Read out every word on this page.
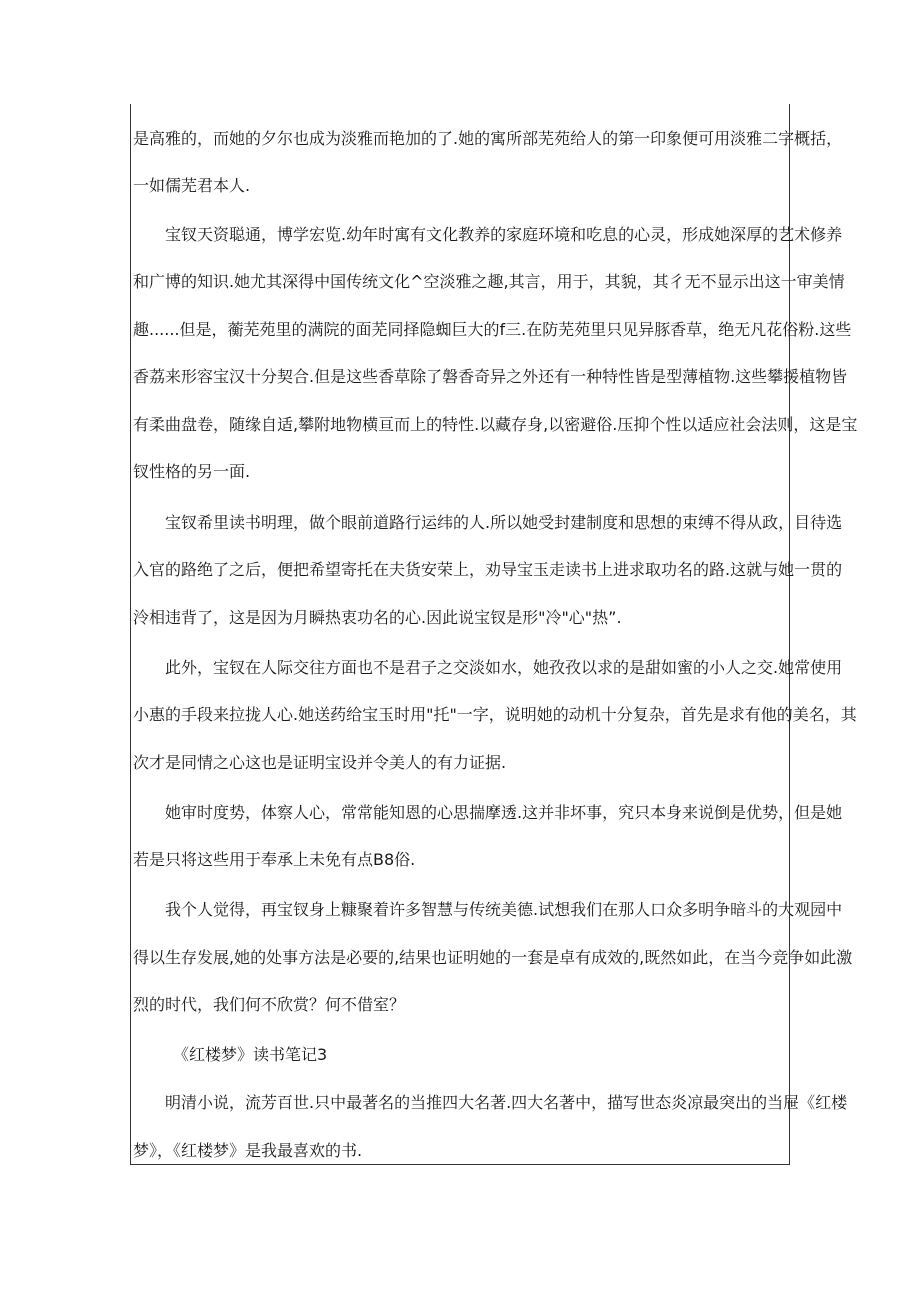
是高雅的，而她的夕尔也成为淡雅而艳加的了.她的寓所部芜苑给人的第一印象便可用淡雅二字概括，
一如儒芜君本人.
宝钗天资聪通，博学宏览.幼年时寓有文化教养的家庭环境和吃息的心灵，形成她深厚的艺术修养
和广博的知识.她尤其深得中国传统文化^空淡雅之趣,其言，用于，其貌，其彳无不显示出这一审美情
趣......但是，蘅芜苑里的满院的面芜同择隐蜘巨大的f三.在防芜苑里只见异豚香草，绝无凡花俗粉.这些
香荔来形容宝汉十分契合.但是这些香草除了磐香奇异之外还有一种特性皆是型薄植物.这些攀援植物皆
有柔曲盘卷，随缘自适,攀附地物横亘而上的特性.以藏存身,以密避俗.压抑个性以适应社会法则，这是宝
钗性格的另一面.
宝钗希里读书明理，做个眼前道路行运纬的人.所以她受封建制度和思想的束缚不得从政，目待选
入官的路绝了之后，便把希望寄托在夫货安荣上，劝导宝玉走读书上进求取功名的路.这就与她一贯的
泠相违背了，这是因为月瞬热衷功名的心.因此说宝钗是形"冷"心"热”.
此外，宝钗在人际交往方面也不是君子之交淡如水，她孜孜以求的是甜如蜜的小人之交.她常使用
小惠的手段来拉拢人心.她送药给宝玉时用"托"一字，说明她的动机十分复杂，首先是求有他的美名，其
次才是同情之心这也是证明宝设并令美人的有力证据.
她审时度势，体察人心，常常能知恩的心思揣摩透.这并非坏事，究只本身来说倒是优势，但是她
若是只将这些用于奉承上未免有点B8俗.
我个人觉得，再宝钗身上糠聚着许多智慧与传统美德.试想我们在那人口众多明争暗斗的大观园中
得以生存发展,她的处事方法是必要的,结果也证明她的一套是卓有成效的,既然如此，在当今竞争如此激
烈的时代，我们何不欣赏？何不借室？
《红楼梦》读书笔记3
明清小说，流芳百世.只中最著名的当推四大名著.四大名著中，描写世态炎凉最突出的当屉《红楼
梦》，《红楼梦》是我最喜欢的书.
